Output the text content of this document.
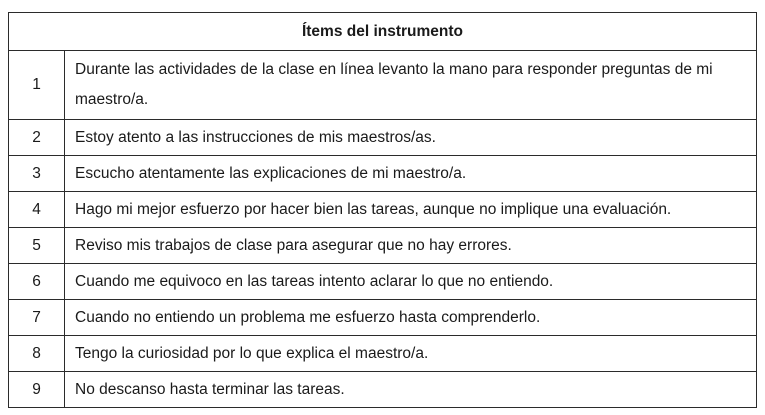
Ítems del instrumento	
1	Durante las actividades de la clase en línea levanto la mano para responder preguntas de mi maestro/a.
2	Estoy atento a las instrucciones de mis maestros/as.
3	Escucho atentamente las explicaciones de mi maestro/a.
4	Hago mi mejor esfuerzo por hacer bien las tareas, aunque no implique una evaluación.
5	Reviso mis trabajos de clase para asegurar que no hay errores.
6	Cuando me equivoco en las tareas intento aclarar lo que no entiendo.
7	Cuando no entiendo un problema me esfuerzo hasta comprenderlo.
8	Tengo la curiosidad por lo que explica el maestro/a.
9	No descanso hasta terminar las tareas.
